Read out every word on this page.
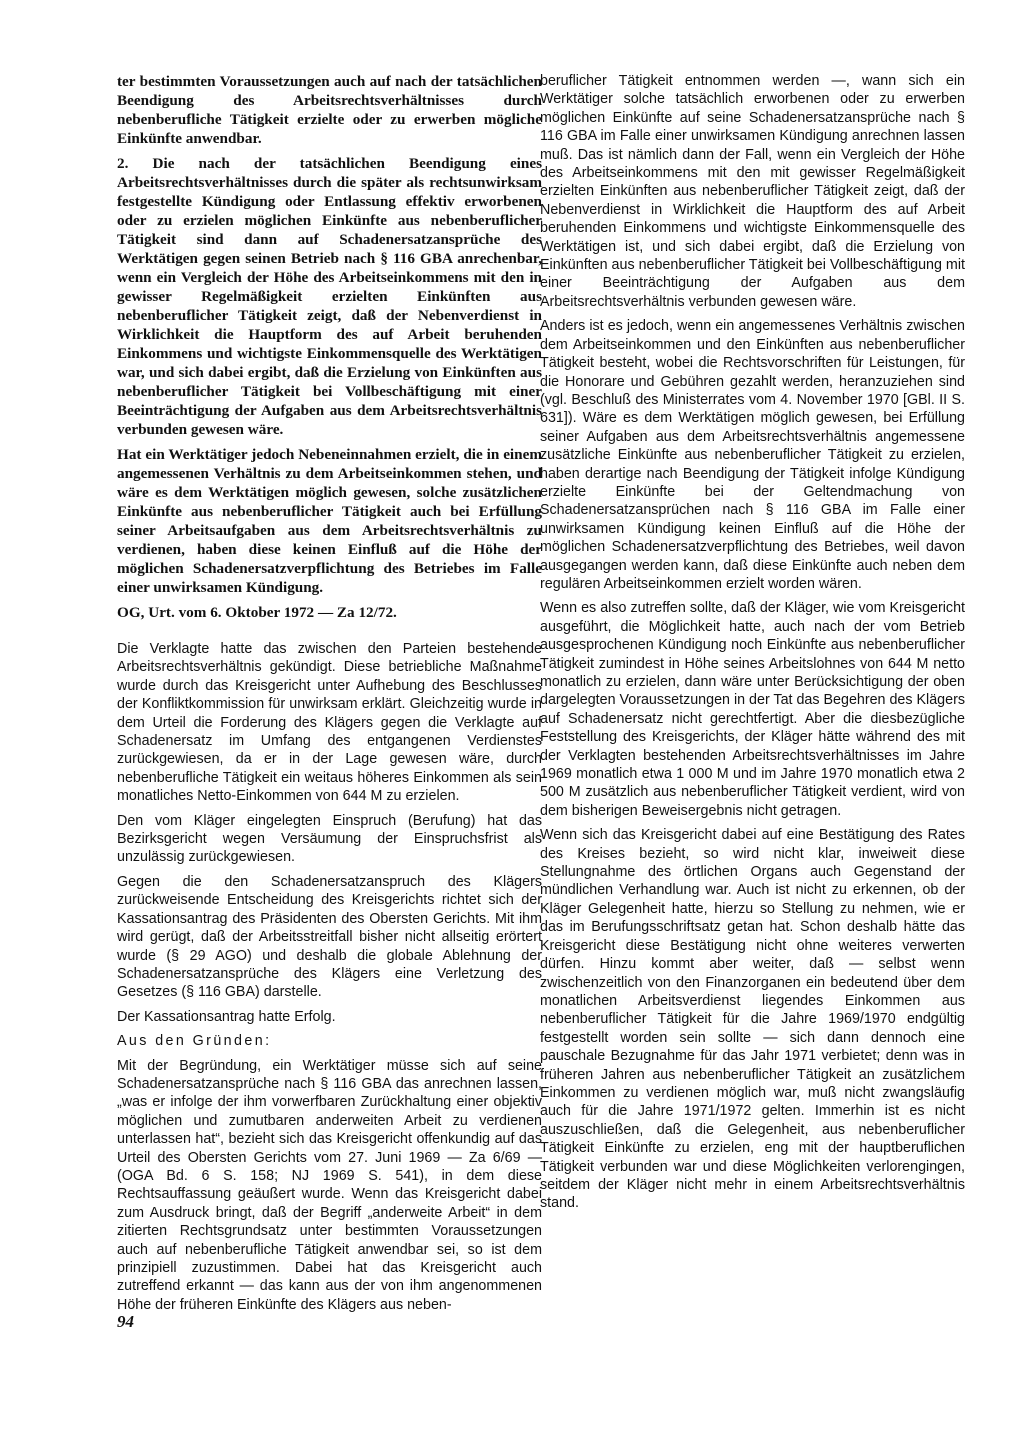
ter bestimmten Voraussetzungen auch auf nach der tatsächlichen Beendigung des Arbeitsrechtsverhältnisses durch nebenberufliche Tätigkeit erzielte oder zu erwerben mögliche Einkünfte anwendbar.

2. Die nach der tatsächlichen Beendigung eines Arbeitsrechtsverhältnisses durch die später als rechtsunwirksam festgestellte Kündigung oder Entlassung effektiv erworbenen oder zu erzielen möglichen Einkünfte aus nebenberuflicher Tätigkeit sind dann auf Schadenersatzansprüche des Werktätigen gegen seinen Betrieb nach § 116 GBA anrechenbar, wenn ein Vergleich der Höhe des Arbeitseinkommens mit den in gewisser Regelmäßigkeit erzielten Einkünften aus nebenberuflicher Tätigkeit zeigt, daß der Nebenverdienst in Wirklichkeit die Hauptform des auf Arbeit beruhenden Einkommens und wichtigste Einkommensquelle des Werktätigen war, und sich dabei ergibt, daß die Erzielung von Einkünften aus nebenberuflicher Tätigkeit bei Vollbeschäftigung mit einer Beeinträchtigung der Aufgaben aus dem Arbeitsrechtsverhältnis verbunden gewesen wäre.

Hat ein Werktätiger jedoch Nebeneinnahmen erzielt, die in einem angemessenen Verhältnis zu dem Arbeitseinkommen stehen, und wäre es dem Werktätigen möglich gewesen, solche zusätzlichen Einkünfte aus nebenberuflicher Tätigkeit auch bei Erfüllung seiner Arbeitsaufgaben aus dem Arbeitsrechtsverhältnis zu verdienen, haben diese keinen Einfluß auf die Höhe der möglichen Schadenersatzverpflichtung des Betriebes im Falle einer unwirksamen Kündigung.

OG, Urt. vom 6. Oktober 1972 — Za 12/72.

Die Verklagte hatte das zwischen den Parteien bestehende Arbeitsrechtsverhältnis gekündigt. Diese betriebliche Maßnahme wurde durch das Kreisgericht unter Aufhebung des Beschlusses der Konfliktkommission für unwirksam erklärt. Gleichzeitig wurde in dem Urteil die Forderung des Klägers gegen die Verklagte auf Schadenersatz im Umfang des entgangenen Verdienstes zurückgewiesen, da er in der Lage gewesen wäre, durch nebenberufliche Tätigkeit ein weitaus höheres Einkommen als sein monatliches Netto-Einkommen von 644 M zu erzielen.

Den vom Kläger eingelegten Einspruch (Berufung) hat das Bezirksgericht wegen Versäumung der Einspruchsfrist als unzulässig zurückgewiesen.

Gegen die den Schadenersatzanspruch des Klägers zurückweisende Entscheidung des Kreisgerichts richtet sich der Kassationsantrag des Präsidenten des Obersten Gerichts. Mit ihm wird gerügt, daß der Arbeitsstreitfall bisher nicht allseitig erörtert wurde (§ 29 AGO) und deshalb die globale Ablehnung der Schadenersatzansprüche des Klägers eine Verletzung des Gesetzes (§ 116 GBA) darstelle.

Der Kassationsantrag hatte Erfolg.

Aus den Gründen:

Mit der Begründung, ein Werktätiger müsse sich auf seine Schadenersatzansprüche nach § 116 GBA das anrechnen lassen, „was er infolge der ihm vorwerfbaren Zurückhaltung einer objektiv möglichen und zumutbaren anderweiten Arbeit zu verdienen unterlassen hat“, bezieht sich das Kreisgericht offenkundig auf das Urteil des Obersten Gerichts vom 27. Juni 1969 — Za 6/69 — (OGA Bd. 6 S. 158; NJ 1969 S. 541), in dem diese Rechtsauffassung geäußert wurde. Wenn das Kreisgericht dabei zum Ausdruck bringt, daß der Begriff „anderweite Arbeit“ in dem zitierten Rechtsgrundsatz unter bestimmten Voraussetzungen auch auf nebenberufliche Tätigkeit anwendbar sei, so ist dem prinzipiell zuzustimmen. Dabei hat das Kreisgericht auch zutreffend erkannt — das kann aus der von ihm angenommenen Höhe der früheren Einkünfte des Klägers aus neben-

beruflicher Tätigkeit entnommen werden —, wann sich ein Werktätiger solche tatsächlich erworbenen oder zu erwerben möglichen Einkünfte auf seine Schadenersatzansprüche nach § 116 GBA im Falle einer unwirksamen Kündigung anrechnen lassen muß. Das ist nämlich dann der Fall, wenn ein Vergleich der Höhe des Arbeitseinkommens mit den mit gewisser Regelmäßigkeit erzielten Einkünften aus nebenberuflicher Tätigkeit zeigt, daß der Nebenverdienst in Wirklichkeit die Hauptform des auf Arbeit beruhenden Einkommens und wichtigste Einkommensquelle des Werktätigen ist, und sich dabei ergibt, daß die Erzielung von Einkünften aus nebenberuflicher Tätigkeit bei Vollbeschäftigung mit einer Beeinträchtigung der Aufgaben aus dem Arbeitsrechtsverhältnis verbunden gewesen wäre.

Anders ist es jedoch, wenn ein angemessenes Verhältnis zwischen dem Arbeitseinkommen und den Einkünften aus nebenberuflicher Tätigkeit besteht, wobei die Rechtsvorschriften für Leistungen, für die Honorare und Gebühren gezahlt werden, heranzuziehen sind (vgl. Beschluß des Ministerrates vom 4. November 1970 [GBl. II S. 631]). Wäre es dem Werktätigen möglich gewesen, bei Erfüllung seiner Aufgaben aus dem Arbeitsrechtsverhältnis angemessene zusätzliche Einkünfte aus nebenberuflicher Tätigkeit zu erzielen, haben derartige nach Beendigung der Tätigkeit infolge Kündigung erzielte Einkünfte bei der Geltendmachung von Schadenersatzansprüchen nach § 116 GBA im Falle einer unwirksamen Kündigung keinen Einfluß auf die Höhe der möglichen Schadenersatzverpflichtung des Betriebes, weil davon ausgegangen werden kann, daß diese Einkünfte auch neben dem regulären Arbeitseinkommen erzielt worden wären.

Wenn es also zutreffen sollte, daß der Kläger, wie vom Kreisgericht ausgeführt, die Möglichkeit hatte, auch nach der vom Betrieb ausgesprochenen Kündigung noch Einkünfte aus nebenberuflicher Tätigkeit zumindest in Höhe seines Arbeitslohnes von 644 M netto monatlich zu erzielen, dann wäre unter Berücksichtigung der oben dargelegten Voraussetzungen in der Tat das Begehren des Klägers auf Schadenersatz nicht gerechtfertigt. Aber die diesbezügliche Feststellung des Kreisgerichts, der Kläger hätte während des mit der Verklagten bestehenden Arbeitsrechtsverhältnisses im Jahre 1969 monatlich etwa 1 000 M und im Jahre 1970 monatlich etwa 2 500 M zusätzlich aus nebenberuflicher Tätigkeit verdient, wird von dem bisherigen Beweisergebnis nicht getragen.

Wenn sich das Kreisgericht dabei auf eine Bestätigung des Rates des Kreises bezieht, so wird nicht klar, inweiweit diese Stellungnahme des örtlichen Organs auch Gegenstand der mündlichen Verhandlung war. Auch ist nicht zu erkennen, ob der Kläger Gelegenheit hatte, hierzu so Stellung zu nehmen, wie er das im Berufungsschriftsatz getan hat. Schon deshalb hätte das Kreisgericht diese Bestätigung nicht ohne weiteres verwerten dürfen. Hinzu kommt aber weiter, daß — selbst wenn zwischenzeitlich von den Finanzorganen ein bedeutend über dem monatlichen Arbeitsverdienst liegendes Einkommen aus nebenberuflicher Tätigkeit für die Jahre 1969/1970 endgültig festgestellt worden sein sollte — sich dann dennoch eine pauschale Bezugnahme für das Jahr 1971 verbietet; denn was in früheren Jahren aus nebenberuflicher Tätigkeit an zusätzlichem Einkommen zu verdienen möglich war, muß nicht zwangsläufig auch für die Jahre 1971/1972 gelten. Immerhin ist es nicht auszuschließen, daß die Gelegenheit, aus nebenberuflicher Tätigkeit Einkünfte zu erzielen, eng mit der hauptberuflichen Tätigkeit verbunden war und diese Möglichkeiten verlorengingen, seitdem der Kläger nicht mehr in einem Arbeitsrechtsverhältnis stand.

94
